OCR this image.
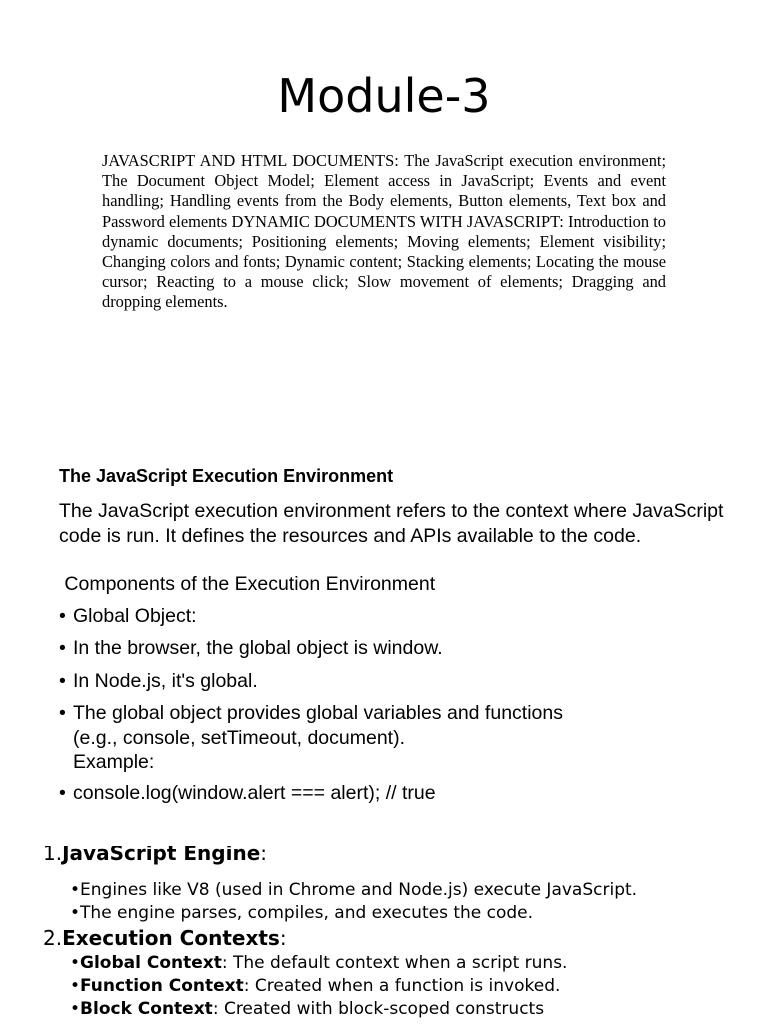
Module-3

JAVASCRIPT AND HTML DOCUMENTS: The JavaScript execution environment; The Document Object Model; Element access in JavaScript; Events and event handling; Handling events from the Body elements, Button elements, Text box and Password elements DYNAMIC DOCUMENTS WITH JAVASCRIPT: Introduction to dynamic documents; Positioning elements; Moving elements; Element visibility; Changing colors and fonts; Dynamic content; Stacking elements; Locating the mouse cursor; Reacting to a mouse click; Slow movement of elements; Dragging and dropping elements.

The JavaScript Execution Environment

The JavaScript execution environment refers to the context where JavaScript code is run. It defines the resources and APIs available to the code.

Components of the Execution Environment

• Global Object:

• In the browser, the global object is window.

• In Node.js, it's global.

• The global object provides global variables and functions
(e.g., console, setTimeout, document).
Example:

• console.log(window.alert === alert); // true

1.JavaScript Engine:

•Engines like V8 (used in Chrome and Node.js) execute JavaScript.

•The engine parses, compiles, and executes the code.

2.Execution Contexts:

•Global Context: The default context when a script runs.

•Function Context: Created when a function is invoked.

•Block Context: Created with block-scoped constructs
